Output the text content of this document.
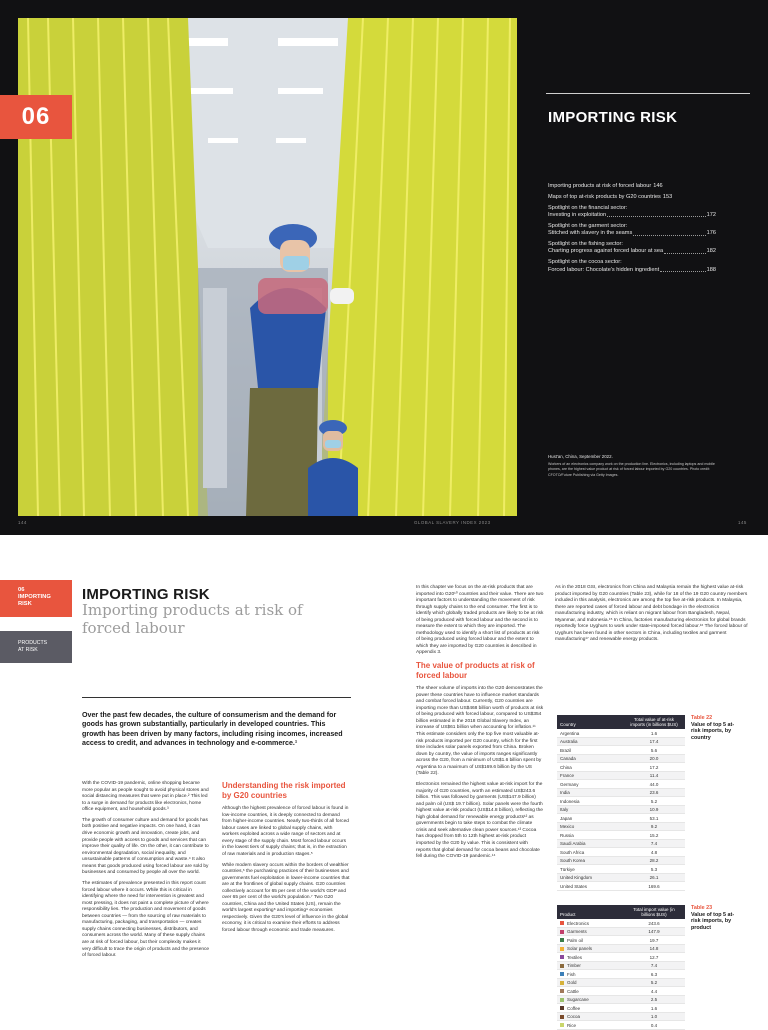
06	IMPORTING RISK
Importing products at risk of forced labour 146
Maps of top at-risk products by G20 countries 153
Spotlight on the financial sector:
Investing in exploitation	172
Spotlight on the garment sector:
Stitched with slavery in the seams	176
Spotlight on the fishing sector:
Charting progress against forced labour at sea	182
Spotlight on the cocoa sector:
Forced labour: Chocolate's hidden ingredient	188
Hust'an, China, September 2022.
Workers of an electronics company work on the production line. Electronics, including laptops and mobile phones, are the highest value product at risk of forced labour imported by G20 countries. Photo credit: CFOTO/Future Publishing via Getty Images.
144	GLOBAL SLAVERY INDEX 2023	145
06
IMPORTING
RISK
PRODUCTS
AT RISK
IMPORTING RISK
Importing products at risk of forced labour
Over the past few decades, the culture of consumerism and the demand for goods has grown substantially, particularly in developed countries. This growth has been driven by many factors, including rising incomes, increased access to credit, and advances in technology and e-commerce.¹

With the COVID-19 pandemic, online shopping became more popular as people sought to avoid physical stores and social distancing measures that were put in place.² This led to a surge in demand for products like electronics, home office equipment, and household goods.³

The growth of consumer culture and demand for goods has both positive and negative impacts. On one hand, it can drive economic growth and innovation, create jobs, and provide people with access to goods and services that can improve their quality of life. On the other, it can contribute to environmental degradation, social inequality, and unsustainable patterns of consumption and waste.⁴ It also means that goods produced using forced labour are sold by businesses and consumed by people all over the world.

The estimates of prevalence presented in this report count forced labour where it occurs. While this is critical in identifying where the need for intervention is greatest and most pressing, it does not paint a complete picture of where responsibility lies. The production and movement of goods between countries — from the sourcing of raw materials to manufacturing, packaging, and transportation — creates supply chains connecting businesses, distributors, and consumers across the world. Many of these supply chains are at risk of forced labour, but their complexity makes it very difficult to trace the origin of products and the presence of forced labour.

Understanding the risk imported by G20 countries

Although the highest prevalence of forced labour is found in low-income countries, it is deeply connected to demand from higher-income countries. Nearly two-thirds of all forced labour cases are linked to global supply chains, with workers exploited across a wide range of sectors and at every stage of the supply chain. Most forced labour occurs in the lowest tiers of supply chains; that is, in the extraction of raw materials and in production stages.⁵

While modern slavery occurs within the borders of wealthier countries,⁶ the purchasing practices of their businesses and governments fuel exploitation in lower-income countries that are at the frontlines of global supply chains. G20 countries collectively account for 65 per cent of the world's GDP and over 65 per cent of the world's population.⁷ Two G20 countries, China and the United States (US), remain the world's largest exporting⁸ and importing⁹ economies respectively. Given the G20's level of influence in the global economy, it is critical to examine their efforts to address forced labour through economic and trade measures.

In this chapter we focus on the at-risk products that are imported into G20¹⁰ countries and their value. There are two important factors to understanding the movement of risk through supply chains to the end consumer. The first is to identify which globally traded products are likely to be at risk of being produced with forced labour and the second is to measure the extent to which they are imported. The methodology used to identify a short list of products at risk of being produced using forced labour and the extent to which they are imported by G20 countries is described in Appendix 3.

The value of products at risk of forced labour

The sheer volume of imports into the G20 demonstrates the power these countries have to influence market standards and combat forced labour. Currently, G20 countries are importing more than US$468 billion worth of products at risk of being produced with forced labour, compared to US$354 billion estimated in the 2018 Global Slavery Index, an increase of US$61 billion when accounting for inflation.¹¹ This estimate considers only the top five most valuable at-risk products imported per G20 country, which for the first time includes solar panels exported from China. Broken down by country, the value of imports ranges significantly across the G20, from a minimum of US$1.6 billion spent by Argentina to a maximum of US$169.6 billion by the US (Table 22).

Electronics remained the highest value at-risk import for the majority of G20 countries, worth an estimated US$243.6 billion. This was followed by garments (US$147.9 billion) and palm oil (US$ 19.7 billion). Solar panels were the fourth highest value at-risk product (US$14.8 billion), reflecting the high global demand for renewable energy products¹² as governments begin to take steps to combat the climate crisis and seek alternative clean power sources.¹³ Cocoa has dropped from 5th to 12th highest at-risk product imported by the G20 by value. This is consistent with reports that global demand for cocoa beans and chocolate fell during the COVID-19 pandemic.¹⁴

As in the 2018 GSI, electronics from China and Malaysia remain the highest value at-risk product imported by G20 countries (Table 23), while for 18 of the 19 G20 country members included in this analysis, electronics are among the top five at-risk products. In Malaysia, there are reported cases of forced labour and debt bondage in the electronics manufacturing industry, which is reliant on migrant labour from Bangladesh, Nepal, Myanmar, and Indonesia.¹⁵ In China, factories manufacturing electronics for global brands reportedly force Uyghurs to work under state-imposed forced labour.¹⁶ The forced labour of Uyghurs has been found in other sectors in China, including textiles and garment manufacturing¹⁷ and renewable energy products.

Country	Total value of at-risk imports (in billions $US)
Argentina	1.6
Australia	17.4
Brazil	5.6
Canada	20.0
China	17.2
France	11.4
Germany	44.0
India	23.6
Indonesia	5.2
Italy	10.9
Japan	53.1
Mexico	9.2
Russia	15.2
Saudi Arabia	7.4
South Africa	4.8
South Korea	28.2
Türkiye	5.3
United Kingdom	26.1
United States	169.6
Table 22
Value of top 5 at-risk imports, by country
Product	Total import value (in billions $US)
Electronics	243.6
Garments	147.9
Palm oil	19.7
Solar panels	14.8
Textiles	12.7
Timber	7.4
Fish	6.3
Gold	5.2
Cattle	4.4
Sugarcane	2.5
Coffee	1.6
Cocoa	1.0
Rice	0.4
Table 23
Value of top 5 at-risk imports, by product
